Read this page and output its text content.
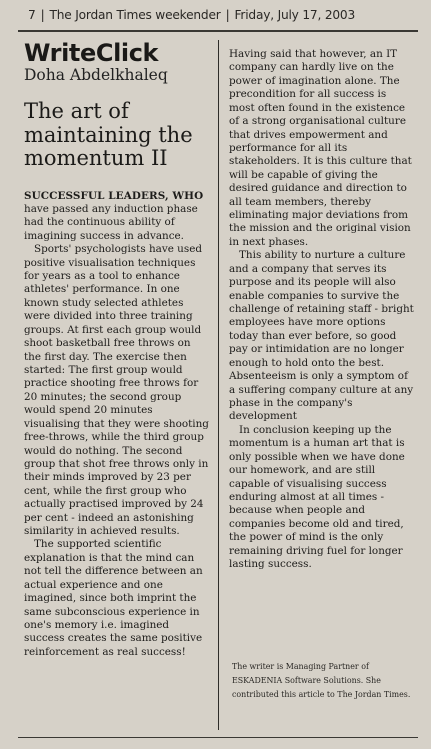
7 | The Jordan Times weekender | Friday, July 17, 2003
WriteClick
Doha Abdelkhaleq
The art of maintaining the momentum II

SUCCESSFUL LEADERS, WHO have passed any induction phase had the continuous ability of imagining success in advance.

Sports' psychologists have used positive visualisation techniques for years as a tool to enhance athletes' performance. In one known study selected athletes were divided into three training groups. At first each group would shoot basketball free throws on the first day. The exercise then started: The first group would practice shooting free throws for 20 minutes; the second group would spend 20 minutes visualising that they were shooting free-throws, while the third group would do nothing. The second group that shot free throws only in their minds improved by 23 per cent, while the first group who actually practised improved by 24 per cent - indeed an astonishing similarity in achieved results.

The supported scientific explanation is that the mind can not tell the difference between an actual experience and one imagined, since both imprint the same subconscious experience in one's memory i.e. imagined success creates the same positive reinforcement as real success!

Having said that however, an IT company can hardly live on the power of imagination alone. The precondition for all success is most often found in the existence of a strong organisational culture that drives empowerment and performance for all its stakeholders. It is this culture that will be capable of giving the desired guidance and direction to all team members, thereby eliminating major deviations from the mission and the original vision in next phases.

This ability to nurture a culture and a company that serves its purpose and its people will also enable companies to survive the challenge of retaining staff - bright employees have more options today than ever before, so good pay or intimidation are no longer enough to hold onto the best. Absenteeism is only a symptom of a suffering company culture at any phase in the company's development

In conclusion keeping up the momentum is a human art that is only possible when we have done our homework, and are still capable of visualising success enduring almost at all times - because when people and companies become old and tired, the power of mind is the only remaining driving fuel for longer lasting success.

The writer is Managing Partner of ESKADENIA Software Solutions. She contributed this article to The Jordan Times.
